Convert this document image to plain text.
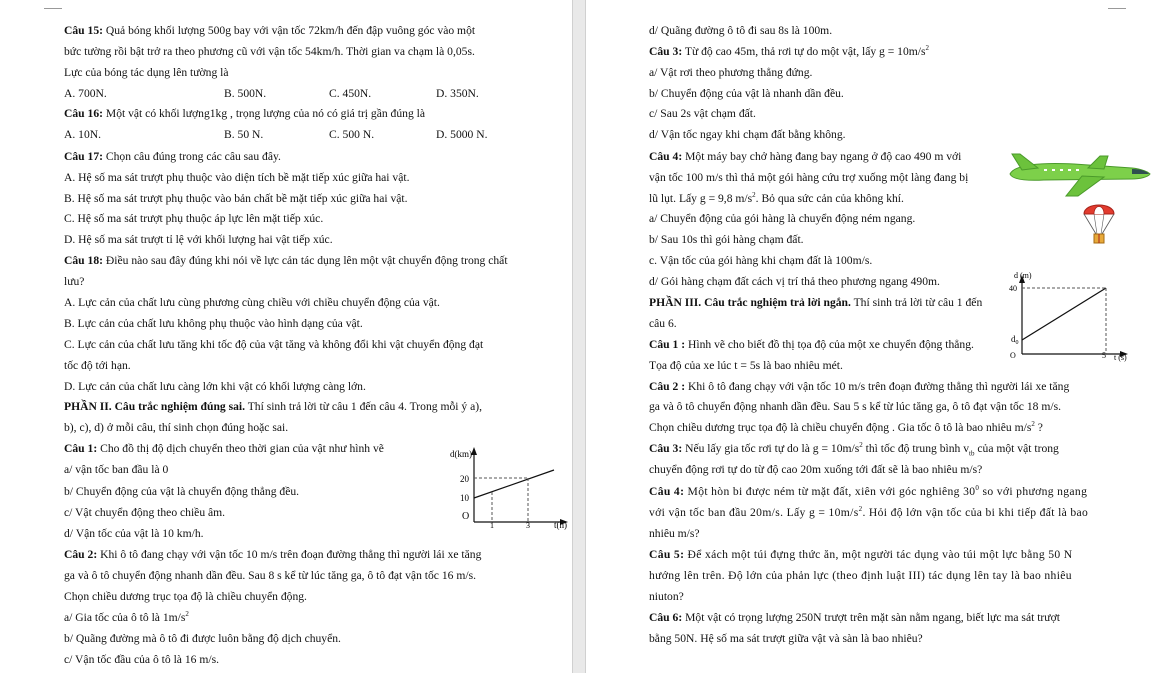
Câu 15: Quả bóng khối lượng 500g bay với vận tốc 72km/h đến đập vuông góc vào một
bức tường rồi bật trở ra theo phương cũ với vận tốc 54km/h. Thời gian va chạm là 0,05s.
Lực của bóng tác dụng lên tường là
A. 700N.	B. 500N.	C. 450N.	D. 350N.
Câu 16: Một vật có khối lượng1kg , trọng lượng của nó có giá trị gần đúng là
A. 10N.	B. 50 N.	C. 500 N.	D. 5000 N.
Câu 17: Chọn câu đúng trong các câu sau đây.
A. Hệ số ma sát trượt phụ thuộc vào diện tích bề mặt tiếp xúc giữa hai vật.
B. Hệ số ma sát trượt phụ thuộc vào bản chất bề mặt tiếp xúc giữa hai vật.
C. Hệ số ma sát trượt phụ thuộc áp lực lên mặt tiếp xúc.
D. Hệ số ma sát trượt tỉ lệ với khối lượng hai vật tiếp xúc.
Câu 18: Điều nào sau đây đúng khi nói về lực cản tác dụng lên một vật chuyển động trong chất
lưu?
A. Lực cản của chất lưu cùng phương cùng chiều với chiều chuyển động của vật.
B. Lực cản của chất lưu không phụ thuộc vào hình dạng của vật.
C. Lực cản của chất lưu tăng khi tốc độ của vật tăng và không đổi khi vật chuyển động đạt
tốc độ tới hạn.
D. Lực cản của chất lưu càng lớn khi vật có khối lượng càng lớn.
PHẦN II. Câu trắc nghiệm đúng sai. Thí sinh trả lời từ câu 1 đến câu 4. Trong mỗi ý a),
b), c), d) ở mỗi câu, thí sinh chọn đúng hoặc sai.
Câu 1: Cho đồ thị độ dịch chuyển theo thời gian của vật như hình vẽ
a/ vận tốc ban đầu là 0
b/ Chuyển động của vật là chuyển động thẳng đều.
c/ Vật chuyển động theo chiều âm.
d/ Vận tốc của vật là 10 km/h.
d(km)
20
10
O
1	3	t(h)
Câu 2: Khi ô tô đang chạy với vận tốc 10 m/s trên đoạn đường thẳng thì người lái xe tăng
ga và ô tô chuyển động nhanh dần đều. Sau 8 s kể từ lúc tăng ga, ô tô đạt vận tốc 16 m/s.
Chọn chiều dương trục tọa độ là chiều chuyển động.
a/ Gia tốc của ô tô là $1m/s^2$
b/ Quãng đường mà ô tô đi được luôn bằng độ dịch chuyển.
c/ Vận tốc đầu của ô tô là 16 m/s.
d/ Quãng đường ô tô đi sau 8s là 100m.
Câu 3: Từ độ cao 45m, thả rơi tự do một vật, lấy $g = 10m/s^2$
a/ Vật rơi theo phương thẳng đứng.
b/ Chuyển động của vật là nhanh dần đều.
c/ Sau 2s vật chạm đất.
d/ Vận tốc ngay khi chạm đất bằng không.
Câu 4: Một máy bay chở hàng đang bay ngang ở độ cao 490 m với
vận tốc 100 m/s thì thả một gói hàng cứu trợ xuống một làng đang bị
lũ lụt. Lấy g = 9,8 $m/s^2$. Bỏ qua sức cản của không khí.
a/ Chuyển động của gói hàng là chuyển động ném ngang.
b/ Sau 10s thì gói hàng chạm đất.
c. Vận tốc của gói hàng khi chạm đất là 100m/s.
d/ Gói hàng chạm đất cách vị trí thả theo phương ngang 490m.
PHẦN III. Câu trắc nghiệm trả lời ngắn. Thí sinh trả lời từ câu 1 đến
câu 6.
Câu 1 : Hình vẽ cho biết đồ thị tọa độ của một xe chuyển động thẳng.
Tọa độ của xe lúc t = 5s là bao nhiêu mét.
d (m)
40
$d_0$
O	5 t (s)
Câu 2 : Khi ô tô đang chạy với vận tốc 10 m/s trên đoạn đường thẳng thì người lái xe tăng
ga và ô tô chuyển động nhanh dần đều. Sau 5 s kể từ lúc tăng ga, ô tô đạt vận tốc 18 m/s.
Chọn chiều dương trục tọa độ là chiều chuyển động . Gia tốc ô tô là bao nhiêu $m/s^2$ ?
Câu 3: Nếu lấy gia tốc rơi tự do là $g = 10m/s^2$ thì tốc độ trung bình $v_{tb}$ của một vật trong
chuyển động rơi tự do từ độ cao 20m xuống tới đất sẽ là bao nhiêu m/s?
Câu 4: Một hòn bi được ném từ mặt đất, xiên với góc nghiêng $30^0$ so với phương ngang
với vận tốc ban đầu 20m/s. Lấy $g = 10m/s^2$. Hỏi độ lớn vận tốc của bi khi tiếp đất là bao
nhiêu m/s?
Câu 5: Để xách một túi đựng thức ăn, một người tác dụng vào túi một lực bằng 50 N
hướng lên trên. Độ lớn của phản lực (theo định luật III) tác dụng lên tay là bao nhiêu
niuton?
Câu 6: Một vật có trọng lượng 250N trượt trên mặt sàn nằm ngang, biết lực ma sát trượt
bằng 50N. Hệ số ma sát trượt giữa vật và sàn là bao nhiêu?
